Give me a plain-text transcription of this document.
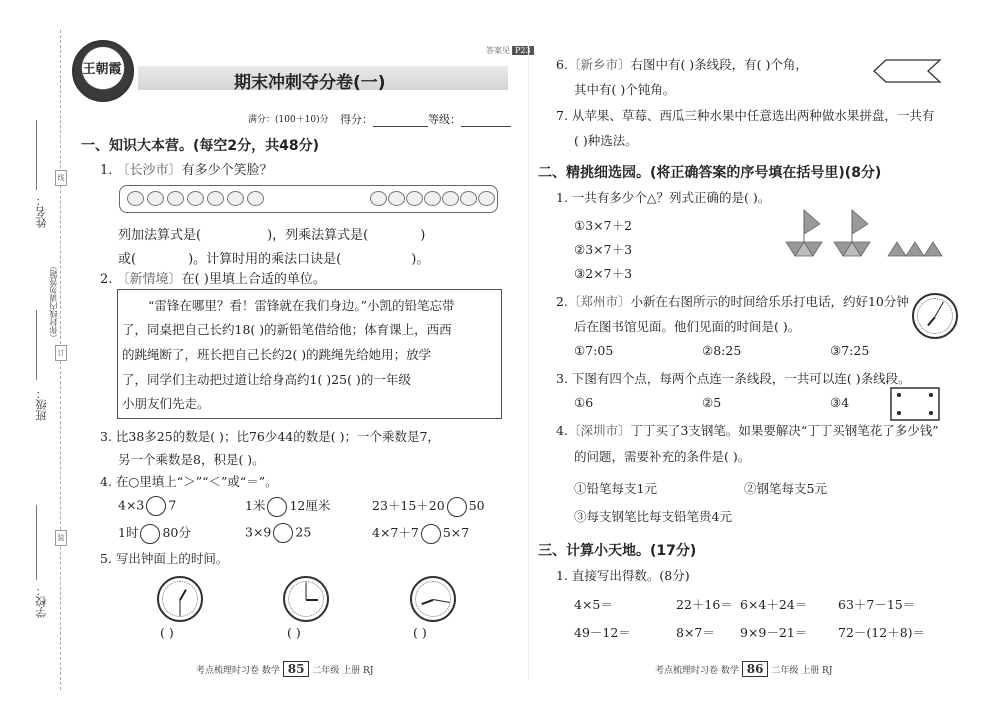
姓名：
班级：
学校：
（你封线内请勿答题）
线
订
装
王朝霞
期末冲刺夺分卷(一)
答案见 P23
满分：(100＋10)分 得分：	等级：
一、知识大本营。(每空2分，共48分)
1. 〔长沙市〕有多少个笑脸？
列加法算式是(	)，列乘法算式是(	)
或(	)。计算时用的乘法口诀是(	)。
2. 〔新情境〕在( )里填上合适的单位。
“雷锋在哪里？看！雷锋就在我们身边。”小凯的铅笔忘带
了，同桌把自己长约18( )的新铅笔借给他；体育课上，西西
的跳绳断了，班长把自己长约2( )的跳绳先给她用；放学
了，同学们主动把过道让给身高约1( )25( )的一年级
小朋友们先走。
3. 比38多25的数是( )；比76少44的数是( )；一个乘数是7，
另一个乘数是8，积是( )。
4. 在○里填上“＞”“＜”或“＝”。
4×3 7	1米 12厘米	23＋15＋20 50
1时 80分	3×9 25	4×7＋7 5×7
5. 写出钟面上的时间。
( )	( )	( )
考点梳理时习卷 数学 85 二年级 上册 RJ
6.〔新乡市〕右图中有( )条线段，有( )个角，
其中有( )个钝角。
7. 从苹果、草莓、西瓜三种水果中任意选出两种做水果拼盘，一共有
( )种选法。
二、精挑细选园。(将正确答案的序号填在括号里)(8分)
1. 一共有多少个△？列式正确的是( )。
①3×7＋2
②3×7＋3
③2×7＋3
2.〔郑州市〕小新在右图所示的时间给乐乐打电话，约好10分钟
后在图书馆见面。他们见面的时间是( )。
①7:05	②8:25	③7:25
3. 下图有四个点，每两个点连一条线段，一共可以连( )条线段。
①6	②5	③4
4.〔深圳市〕丁丁买了3支钢笔。如果要解决“丁丁买钢笔花了多少钱”
的问题，需要补充的条件是( )。
①铅笔每支1元	②钢笔每支5元
③每支钢笔比每支铅笔贵4元
三、计算小天地。(17分)
1. 直接写出得数。(8分)
4×5＝	22＋16＝ 6×4＋24＝ 63＋7－15＝
49－12＝	8×7＝ 9×9－21＝ 72－(12＋8)＝
考点梳理时习卷 数学 86 二年级 上册 RJ
